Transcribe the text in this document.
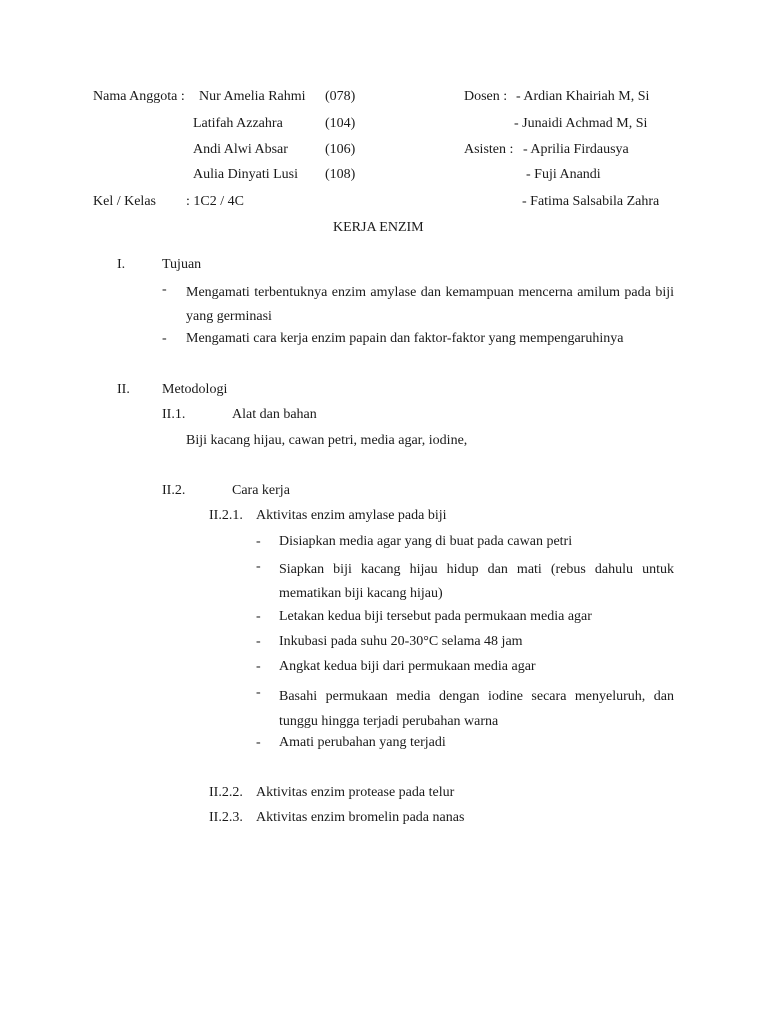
Nama Anggota : Nur Amelia Rahmi (078)
Latifah Azzahra	(104)
Andi Alwi Absar	(106)
Aulia Dinyati Lusi (108)
Dosen : - Ardian Khairiah M, Si
- Junaidi Achmad M, Si
Asisten : - Aprilia Firdausya
- Fuji Anandi
- Fatima Salsabila Zahra
Kel / Kelas : 1C2 / 4C
KERJA ENZIM
I.	Tujuan
- Mengamati terbentuknya enzim amylase dan kemampuan mencerna amilum pada biji yang germinasi
- Mengamati cara kerja enzim papain dan faktor-faktor yang mempengaruhinya
II. Metodologi
II.1.	Alat dan bahan
Biji kacang hijau, cawan petri, media agar, iodine,
II.2.	Cara kerja
II.2.1. Aktivitas enzim amylase pada biji
- Disiapkan media agar yang di buat pada cawan petri
- Siapkan biji kacang hijau hidup dan mati (rebus dahulu untuk mematikan biji kacang hijau)
- Letakan kedua biji tersebut pada permukaan media agar
- Inkubasi pada suhu 20-30°C selama 48 jam
- Angkat kedua biji dari permukaan media agar
- Basahi permukaan media dengan iodine secara menyeluruh, dan tunggu hingga terjadi perubahan warna
- Amati perubahan yang terjadi
II.2.2. Aktivitas enzim protease pada telur
II.2.3. Aktivitas enzim bromelin pada nanas
